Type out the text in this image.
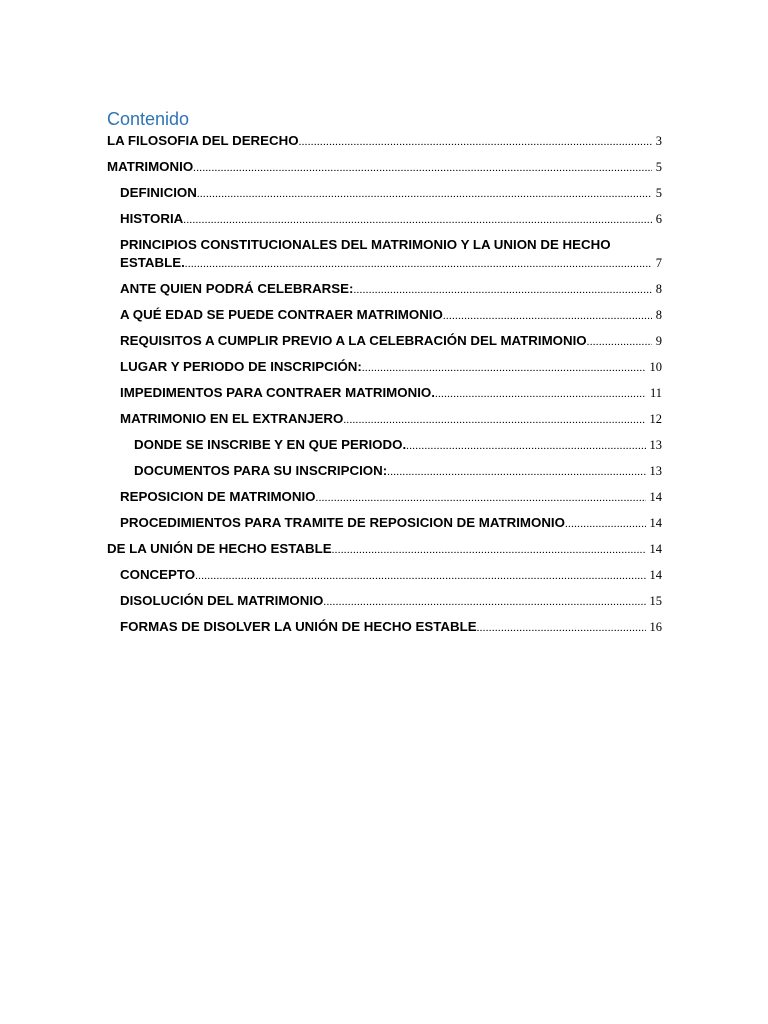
Contenido
LA FILOSOFIA DEL DERECHO .....	3
MATRIMONIO .....	5
DEFINICION .....	5
HISTORIA .....	6
PRINCIPIOS CONSTITUCIONALES DEL MATRIMONIO Y LA UNION DE HECHO
ESTABLE. .....	7
ANTE QUIEN PODRÁ CELEBRARSE: .....	8
A QUÉ EDAD SE PUEDE CONTRAER MATRIMONIO .....	8
REQUISITOS A CUMPLIR PREVIO A LA CELEBRACIÓN DEL MATRIMONIO .....	9
LUGAR Y PERIODO DE INSCRIPCIÓN: .....	10
IMPEDIMENTOS PARA CONTRAER MATRIMONIO. .....	11
MATRIMONIO EN EL EXTRANJERO .....	12
DONDE SE INSCRIBE Y EN QUE PERIODO. .....	13
DOCUMENTOS PARA SU INSCRIPCION: .....	13
REPOSICION DE MATRIMONIO .....	14
PROCEDIMIENTOS PARA TRAMITE DE REPOSICION DE MATRIMONIO .....	14
DE LA UNIÓN DE HECHO ESTABLE .....	14
CONCEPTO .....	14
DISOLUCIÓN DEL MATRIMONIO .....	15
FORMAS DE DISOLVER LA UNIÓN DE HECHO ESTABLE .....	16
